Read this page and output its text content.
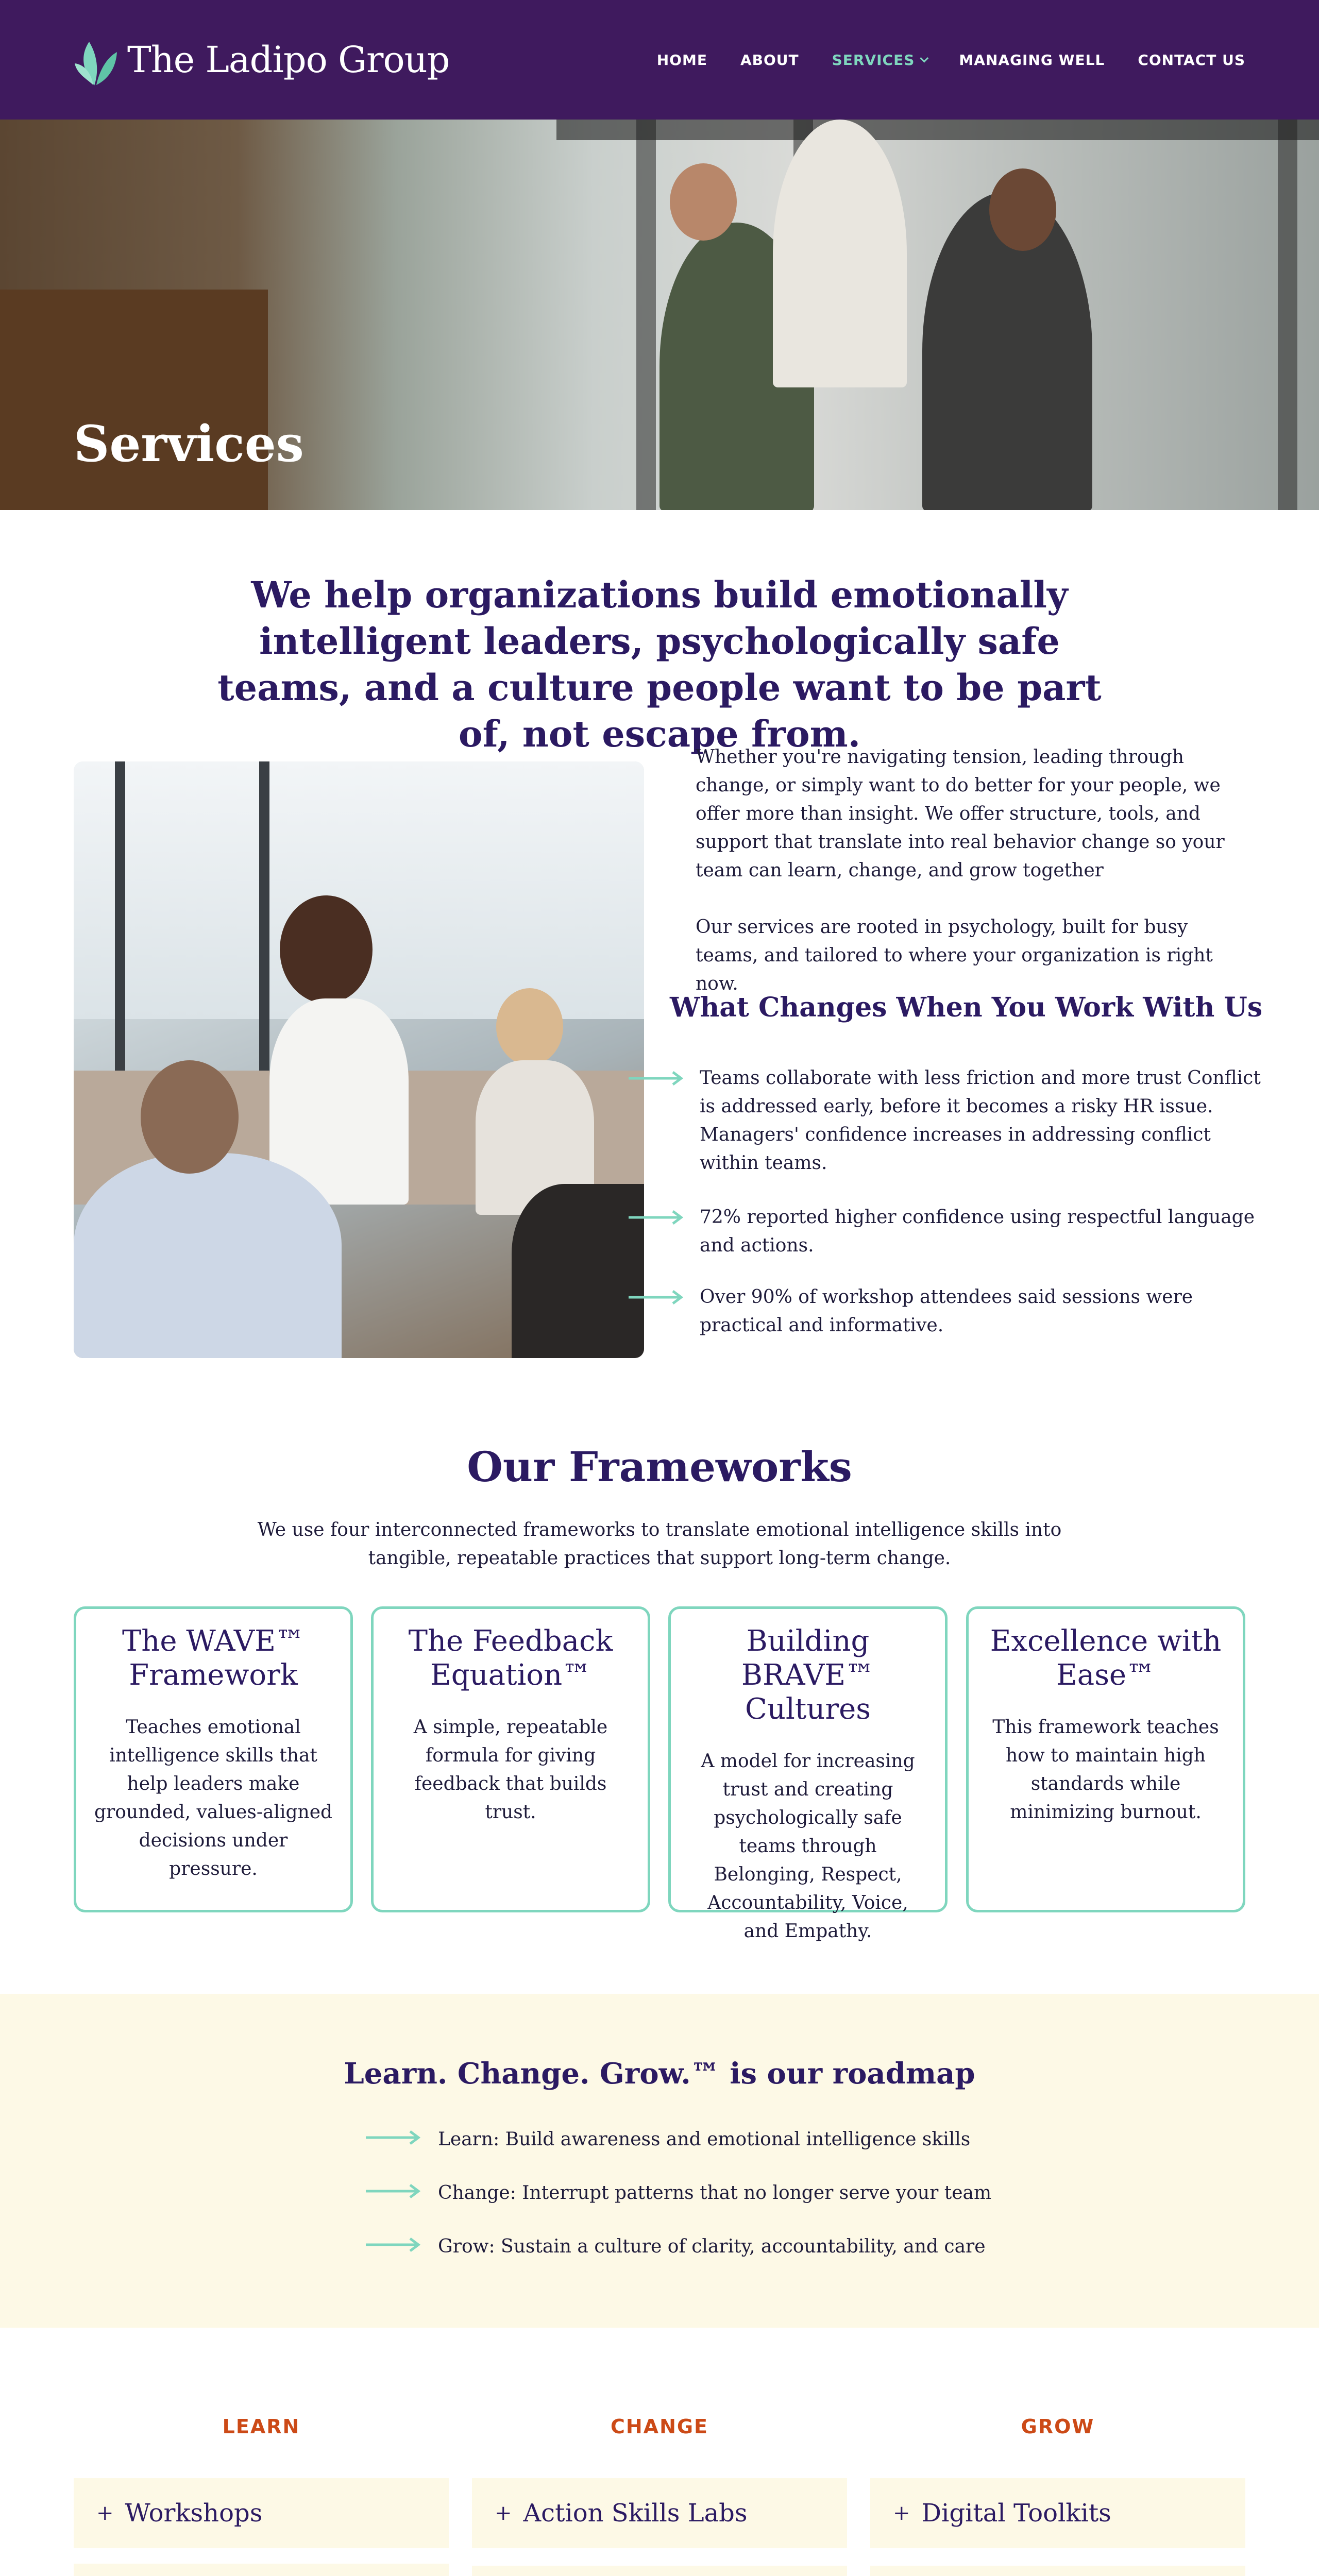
The Ladipo Group	HOME ABOUT SERVICES	MANAGING WELL CONTACT US
Services
We help organizations build emotionally intelligent leaders, psychologically safe teams, and a culture people want to be part of, not escape from.

Whether you're navigating tension, leading through change, or simply want to do better for your people, we offer more than insight. We offer structure, tools, and support that translate into real behavior change so your team can learn, change, and grow together

Our services are rooted in psychology, built for busy teams, and tailored to where your organization is right now.

What Changes When You Work With Us
Teams collaborate with less friction and more trust Conflict is addressed early, before it becomes a risky HR issue. Managers' confidence increases in addressing conflict within teams.
72% reported higher confidence using respectful language and actions.
Over 90% of workshop attendees said sessions were practical and informative.
Our Frameworks

We use four interconnected frameworks to translate emotional intelligence skills into tangible, repeatable practices that support long-term change.

The WAVE™ Framework
Teaches emotional intelligence skills that help leaders make grounded, values-aligned decisions under pressure.
The Feedback Equation™
A simple, repeatable formula for giving feedback that builds trust.
Building BRAVE™ Cultures
A model for increasing trust and creating psychologically safe teams through Belonging, Respect, Accountability, Voice, and Empathy.
Excellence with Ease™
This framework teaches how to maintain high standards while minimizing burnout.
Learn. Change. Grow.™ is our roadmap
Learn: Build awareness and emotional intelligence skills
Change: Interrupt patterns that no longer serve your team
Grow: Sustain a culture of clarity, accountability, and care
LEARN	CHANGE	GROW
+ Workshops	+ Action Skills Labs	+ Digital Toolkits
